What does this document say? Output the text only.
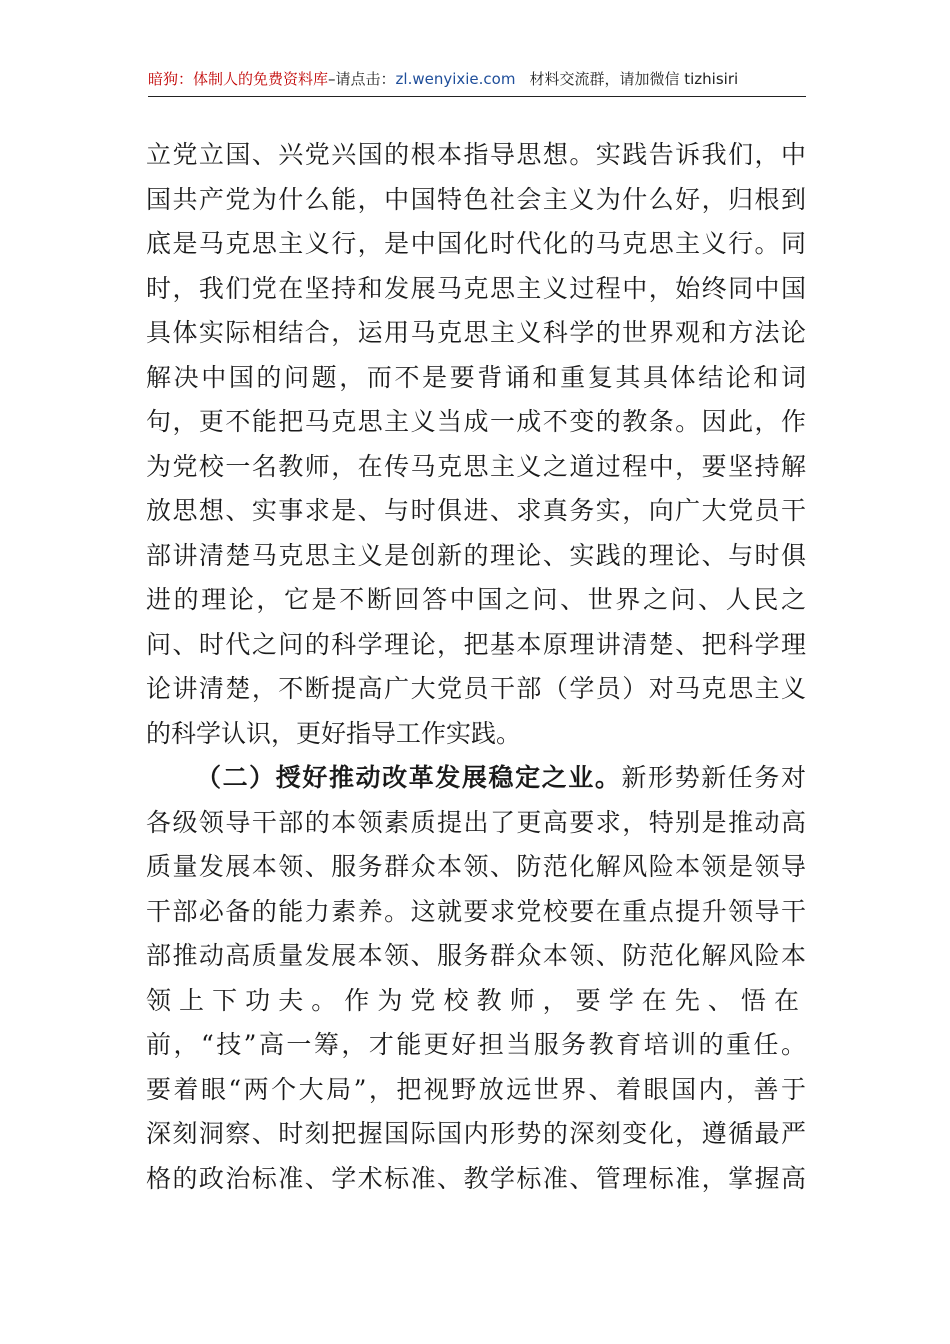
暗狗：体制人的免费资料库–请点击：zl.wenyixie.com 材料交流群，请加微信 tizhisiri
立党立国、兴党兴国的根本指导思想。实践告诉我们，中
国共产党为什么能，中国特色社会主义为什么好，归根到
底是马克思主义行，是中国化时代化的马克思主义行。同
时，我们党在坚持和发展马克思主义过程中，始终同中国
具体实际相结合，运用马克思主义科学的世界观和方法论
解决中国的问题，而不是要背诵和重复其具体结论和词
句，更不能把马克思主义当成一成不变的教条。因此，作
为党校一名教师，在传马克思主义之道过程中，要坚持解
放思想、实事求是、与时俱进、求真务实，向广大党员干
部讲清楚马克思主义是创新的理论、实践的理论、与时俱
进的理论，它是不断回答中国之问、世界之问、人民之
问、时代之问的科学理论，把基本原理讲清楚、把科学理
论讲清楚，不断提高广大党员干部（学员）对马克思主义
的科学认识，更好指导工作实践。
（二）授好推动改革发展稳定之业。新形势新任务对
各级领导干部的本领素质提出了更高要求，特别是推动高
质量发展本领、服务群众本领、防范化解风险本领是领导
干部必备的能力素养。这就要求党校要在重点提升领导干
部推动高质量发展本领、服务群众本领、防范化解风险本
领上下功夫。作为党校教师，要学在先、悟在
前，“技”高一筹，才能更好担当服务教育培训的重任。
要着眼“两个大局”，把视野放远世界、着眼国内，善于
深刻洞察、时刻把握国际国内形势的深刻变化，遵循最严
格的政治标准、学术标准、教学标准、管理标准，掌握高
